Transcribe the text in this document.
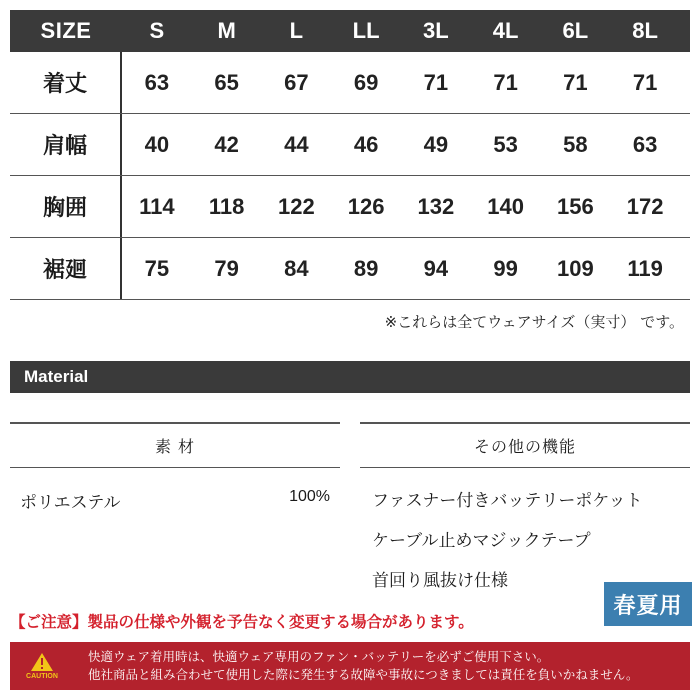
SIZE	S	M	L	LL	3L	4L	6L	8L
着丈	63	65	67	69	71	71	71	71
肩幅	40	42	44	46	49	53	58	63
胸囲	114	118	122	126	132	140	156	172
裾廻	75	79	84	89	94	99	109	119
※これらは全てウェアサイズ（実寸） です。
Material
素 材
ポリエステル	100%
その他の機能
ファスナー付きバッテリーポケット
ケーブル止めマジックテープ
首回り風抜け仕様
春夏用
【ご注意】製品の仕様や外観を予告なく変更する場合があります。
CAUTION
快適ウェア着用時は、快適ウェア専用のファン・バッテリーを必ずご使用下さい。
他社商品と組み合わせて使用した際に発生する故障や事故につきましては責任を負いかねません。
